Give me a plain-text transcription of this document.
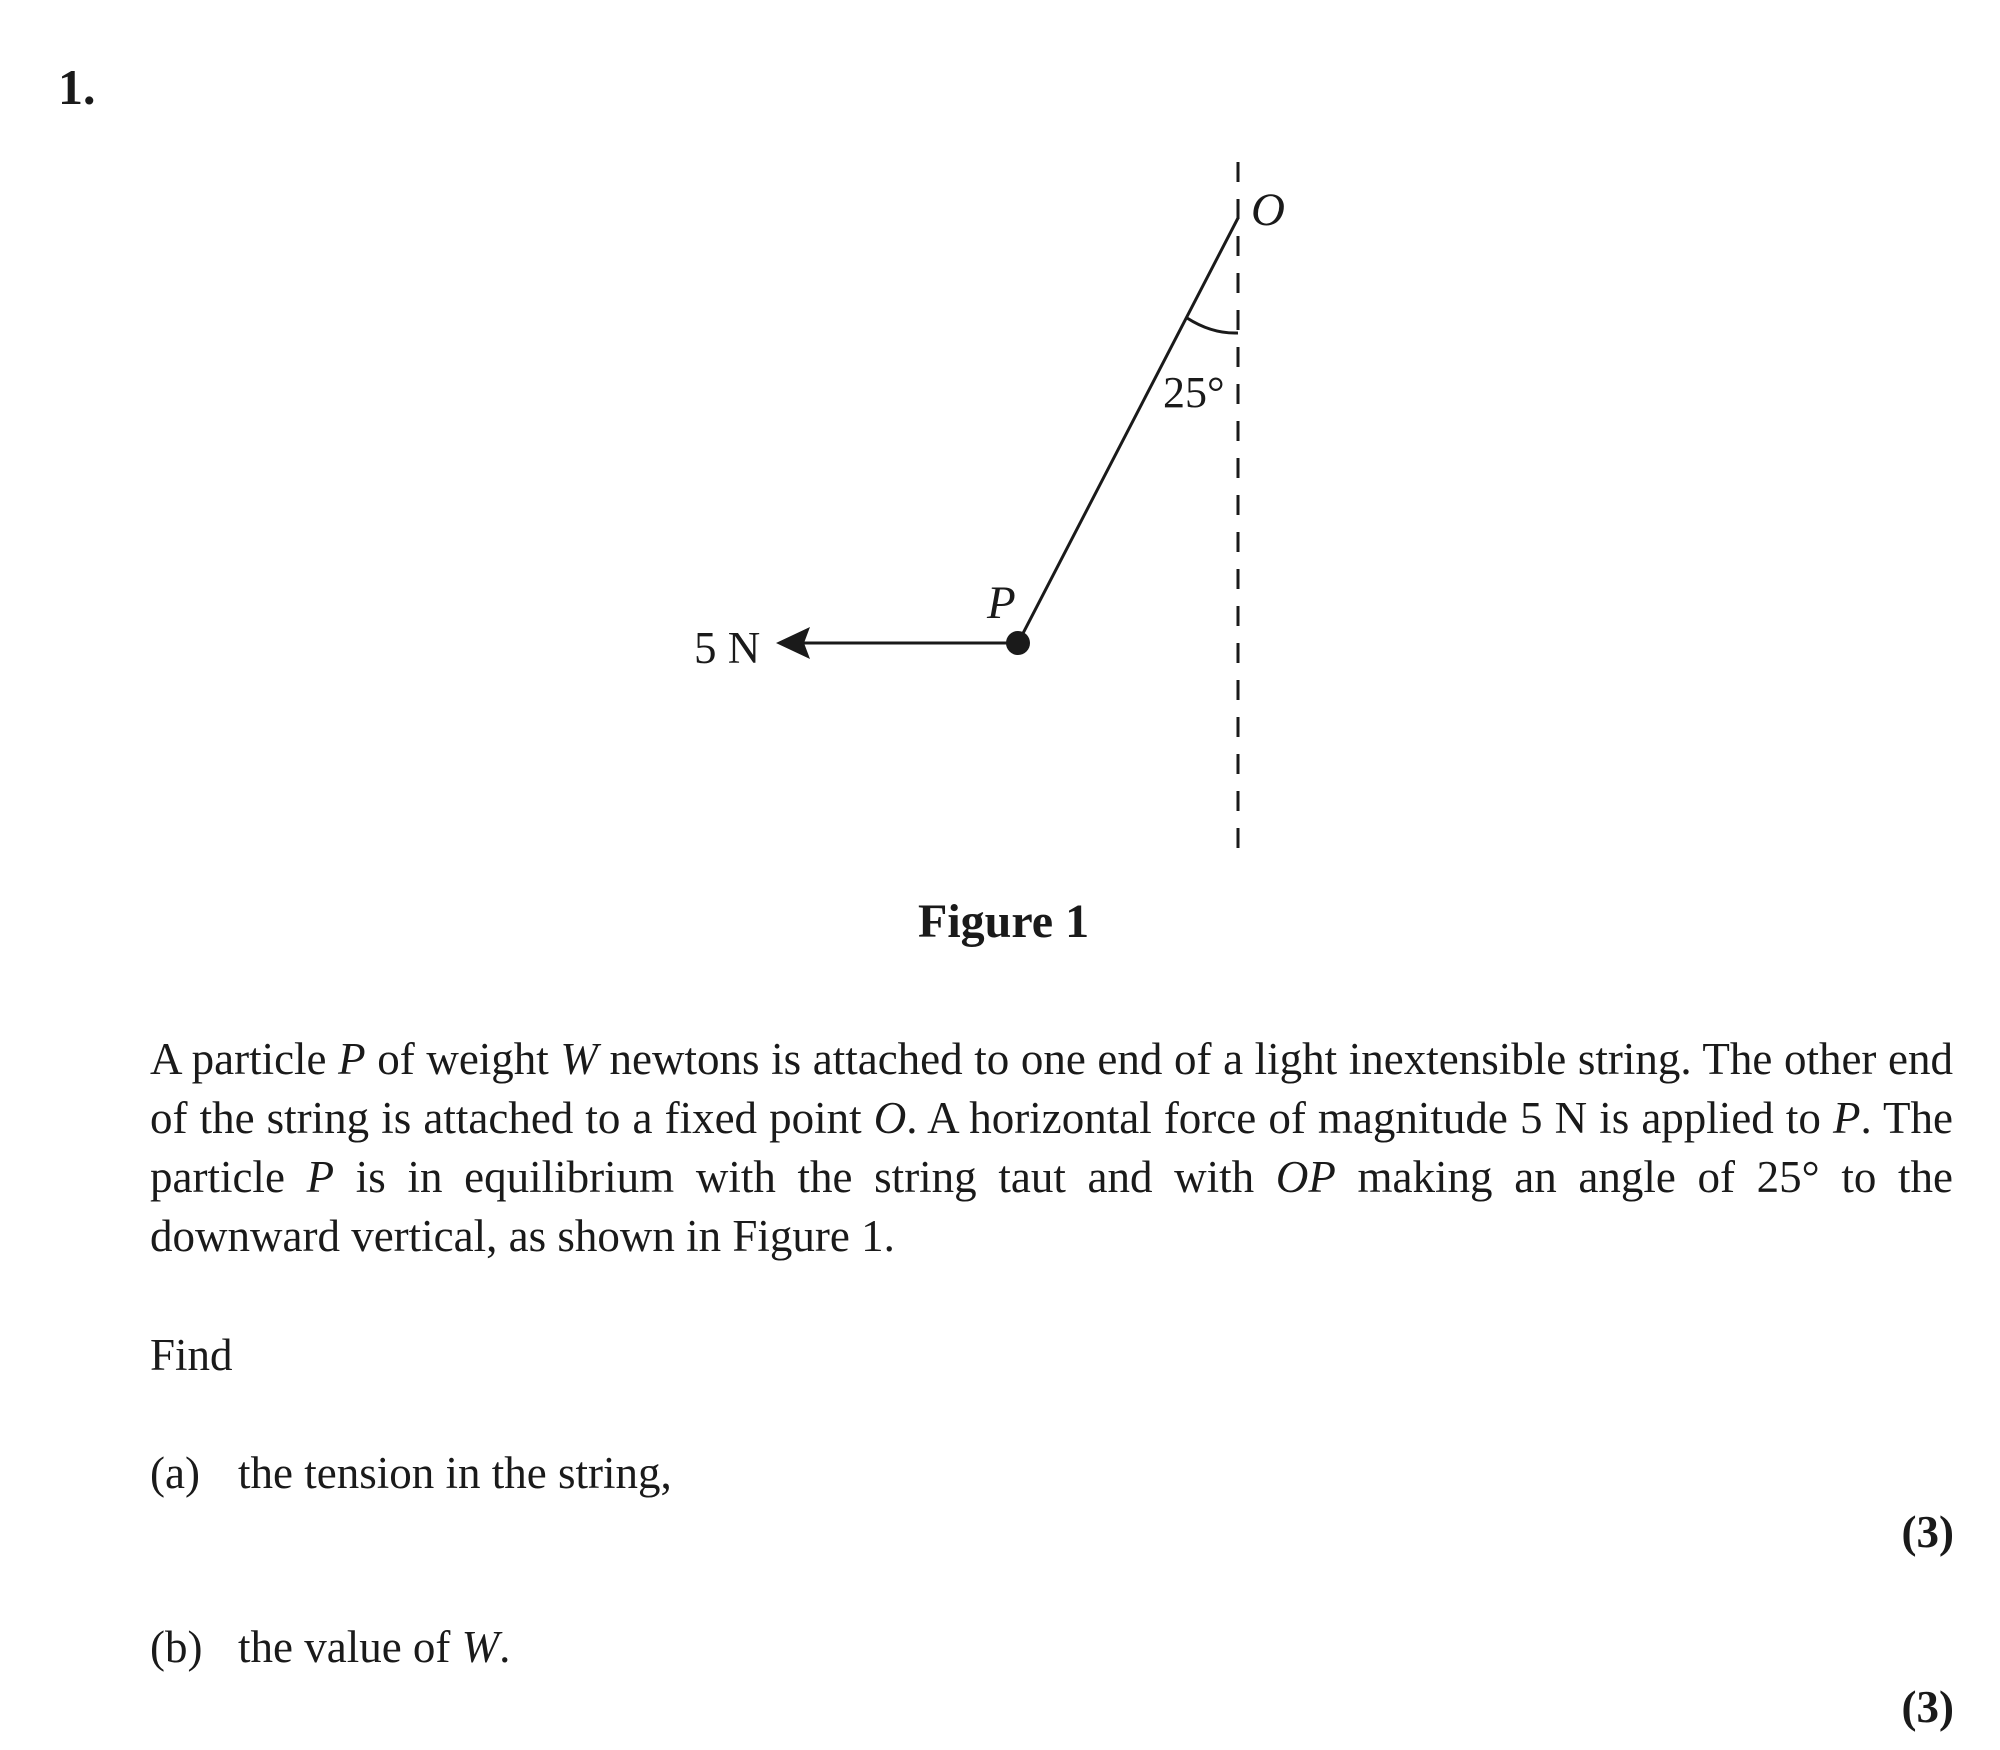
1.
O
25°
P
5 N

Figure 1

A particle P of weight W newtons is attached to one end of a light inextensible string. The other end of the string is attached to a fixed point O. A horizontal force of magnitude 5 N is applied to P. The particle P is in equilibrium with the string taut and with OP making an angle of 25° to the downward vertical, as shown in Figure 1.

Find

(a) the tension in the string,

(3)

(b) the value of W.

(3)
